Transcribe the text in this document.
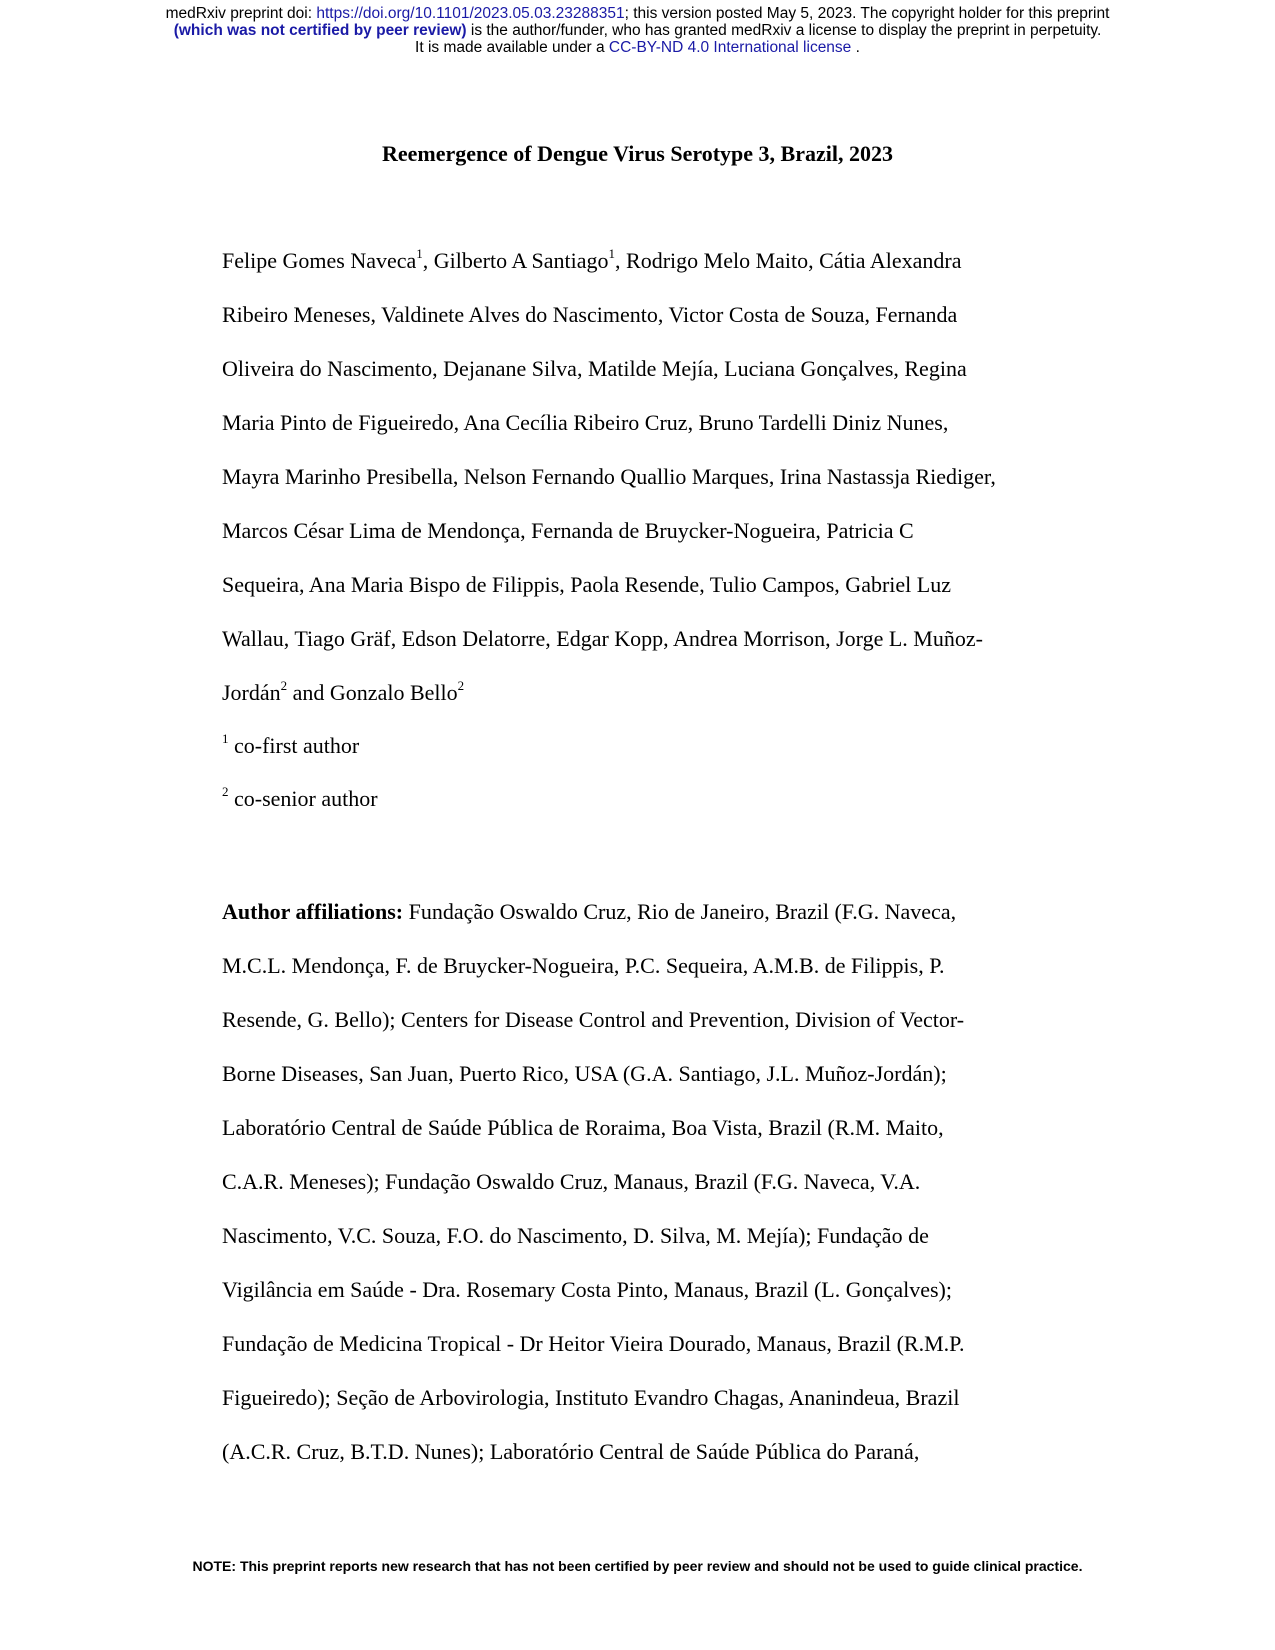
medRxiv preprint doi: https://doi.org/10.1101/2023.05.03.23288351; this version posted May 5, 2023. The copyright holder for this preprint
(which was not certified by peer review) is the author/funder, who has granted medRxiv a license to display the preprint in perpetuity.
It is made available under a CC-BY-ND 4.0 International license .
Reemergence of Dengue Virus Serotype 3, Brazil, 2023
Felipe Gomes Naveca$^1$, Gilberto A Santiago$^1$, Rodrigo Melo Maito, Cátia Alexandra
Ribeiro Meneses, Valdinete Alves do Nascimento, Victor Costa de Souza, Fernanda
Oliveira do Nascimento, Dejanane Silva, Matilde Mejía, Luciana Gonçalves, Regina
Maria Pinto de Figueiredo, Ana Cecília Ribeiro Cruz, Bruno Tardelli Diniz Nunes,
Mayra Marinho Presibella, Nelson Fernando Quallio Marques, Irina Nastassja Riediger,
Marcos César Lima de Mendonça, Fernanda de Bruycker-Nogueira, Patricia C
Sequeira, Ana Maria Bispo de Filippis, Paola Resende, Tulio Campos, Gabriel Luz
Wallau, Tiago Gräf, Edson Delatorre, Edgar Kopp, Andrea Morrison, Jorge L. Muñoz-
Jordán$^2$ and Gonzalo Bello$^2$
$^1$ co-first author
$^2$ co-senior author
Author affiliations: Fundação Oswaldo Cruz, Rio de Janeiro, Brazil (F.G. Naveca,
M.C.L. Mendonça, F. de Bruycker-Nogueira, P.C. Sequeira, A.M.B. de Filippis, P.
Resende, G. Bello); Centers for Disease Control and Prevention, Division of Vector-
Borne Diseases, San Juan, Puerto Rico, USA (G.A. Santiago, J.L. Muñoz-Jordán);
Laboratório Central de Saúde Pública de Roraima, Boa Vista, Brazil (R.M. Maito,
C.A.R. Meneses); Fundação Oswaldo Cruz, Manaus, Brazil (F.G. Naveca, V.A.
Nascimento, V.C. Souza, F.O. do Nascimento, D. Silva, M. Mejía); Fundação de
Vigilância em Saúde - Dra. Rosemary Costa Pinto, Manaus, Brazil (L. Gonçalves);
Fundação de Medicina Tropical - Dr Heitor Vieira Dourado, Manaus, Brazil (R.M.P.
Figueiredo); Seção de Arbovirologia, Instituto Evandro Chagas, Ananindeua, Brazil
(A.C.R. Cruz, B.T.D. Nunes); Laboratório Central de Saúde Pública do Paraná,
NOTE: This preprint reports new research that has not been certified by peer review and should not be used to guide clinical practice.
